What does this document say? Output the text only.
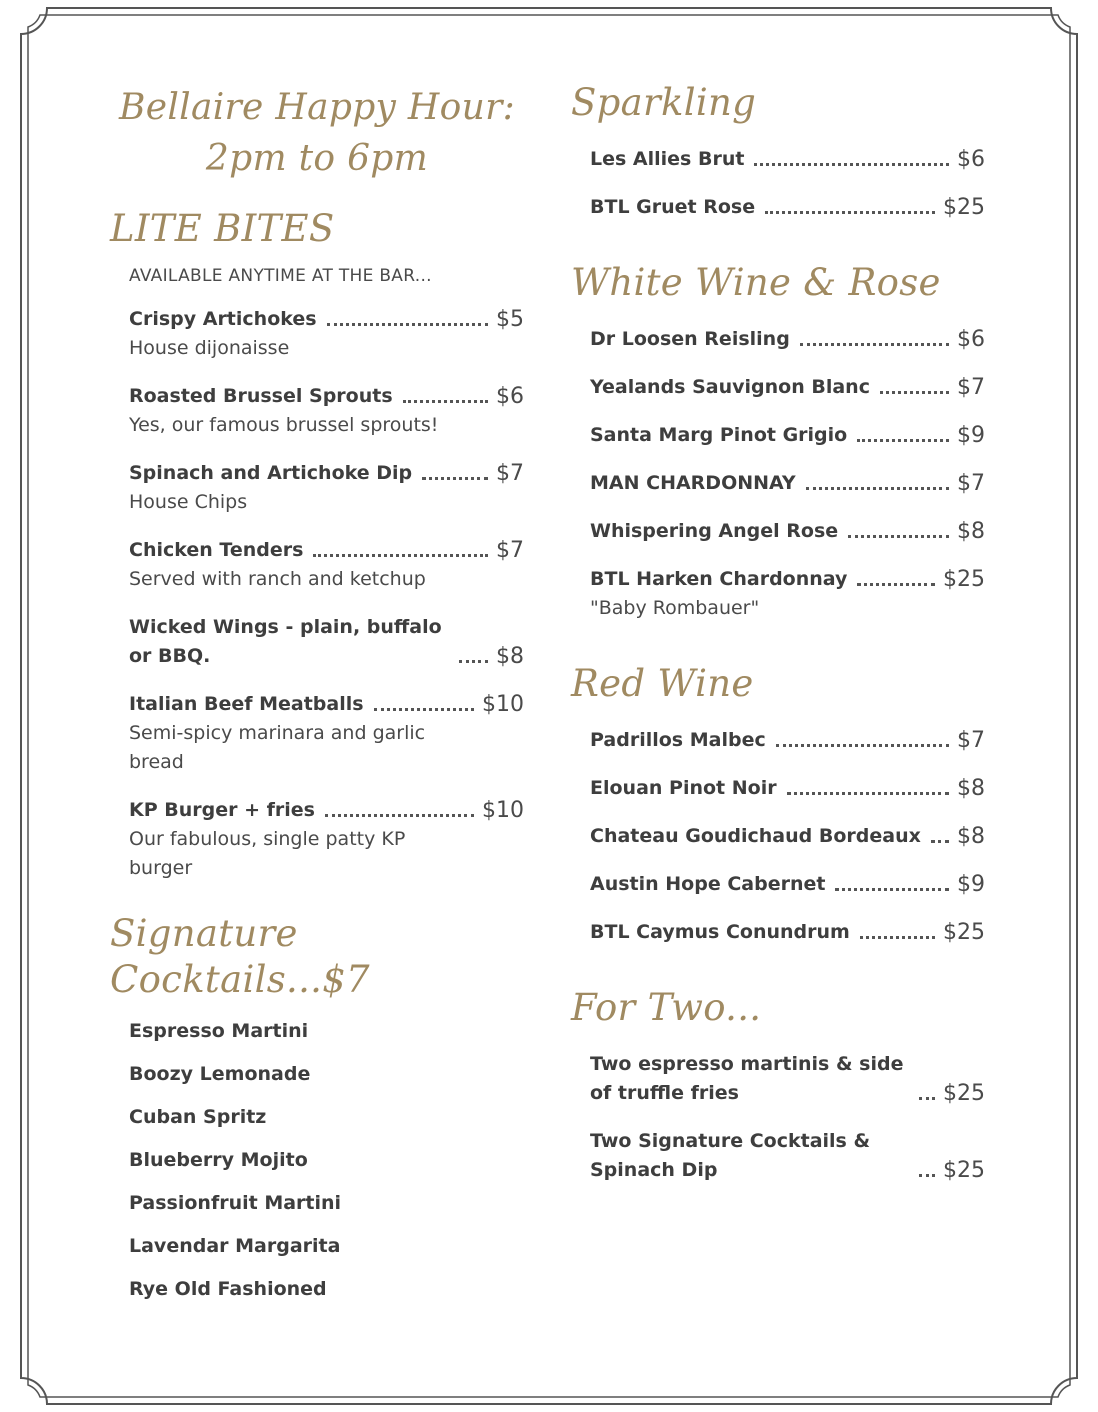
Bellaire Happy Hour: 2pm to 6pm
LITE BITES
AVAILABLE ANYTIME AT THE BAR...
Crispy Artichokes	$5
House dijonaisse
Roasted Brussel Sprouts	$6
Yes, our famous brussel sprouts!
Spinach and Artichoke Dip	$7
House Chips
Chicken Tenders	$7
Served with ranch and ketchup
Wicked Wings - plain, buffalo or BBQ.	$8
Italian Beef Meatballs	$10
Semi-spicy marinara and garlic bread
KP Burger + fries	$10
Our fabulous, single patty KP burger
Signature Cocktails...$7
Espresso Martini
Boozy Lemonade
Cuban Spritz
Blueberry Mojito
Passionfruit Martini
Lavendar Margarita
Rye Old Fashioned
Sparkling
Les Allies Brut	$6
BTL Gruet Rose	$25
White Wine & Rose
Dr Loosen Reisling	$6
Yealands Sauvignon Blanc	$7
Santa Marg Pinot Grigio	$9
MAN CHARDONNAY	$7
Whispering Angel Rose	$8
BTL Harken Chardonnay	$25
"Baby Rombauer"
Red Wine
Padrillos Malbec	$7
Elouan Pinot Noir	$8
Chateau Goudichaud Bordeaux $8
Austin Hope Cabernet	$9
BTL Caymus Conundrum	$25
For Two...
Two espresso martinis & side of truffle fries	$25
Two Signature Cocktails & Spinach Dip	$25
